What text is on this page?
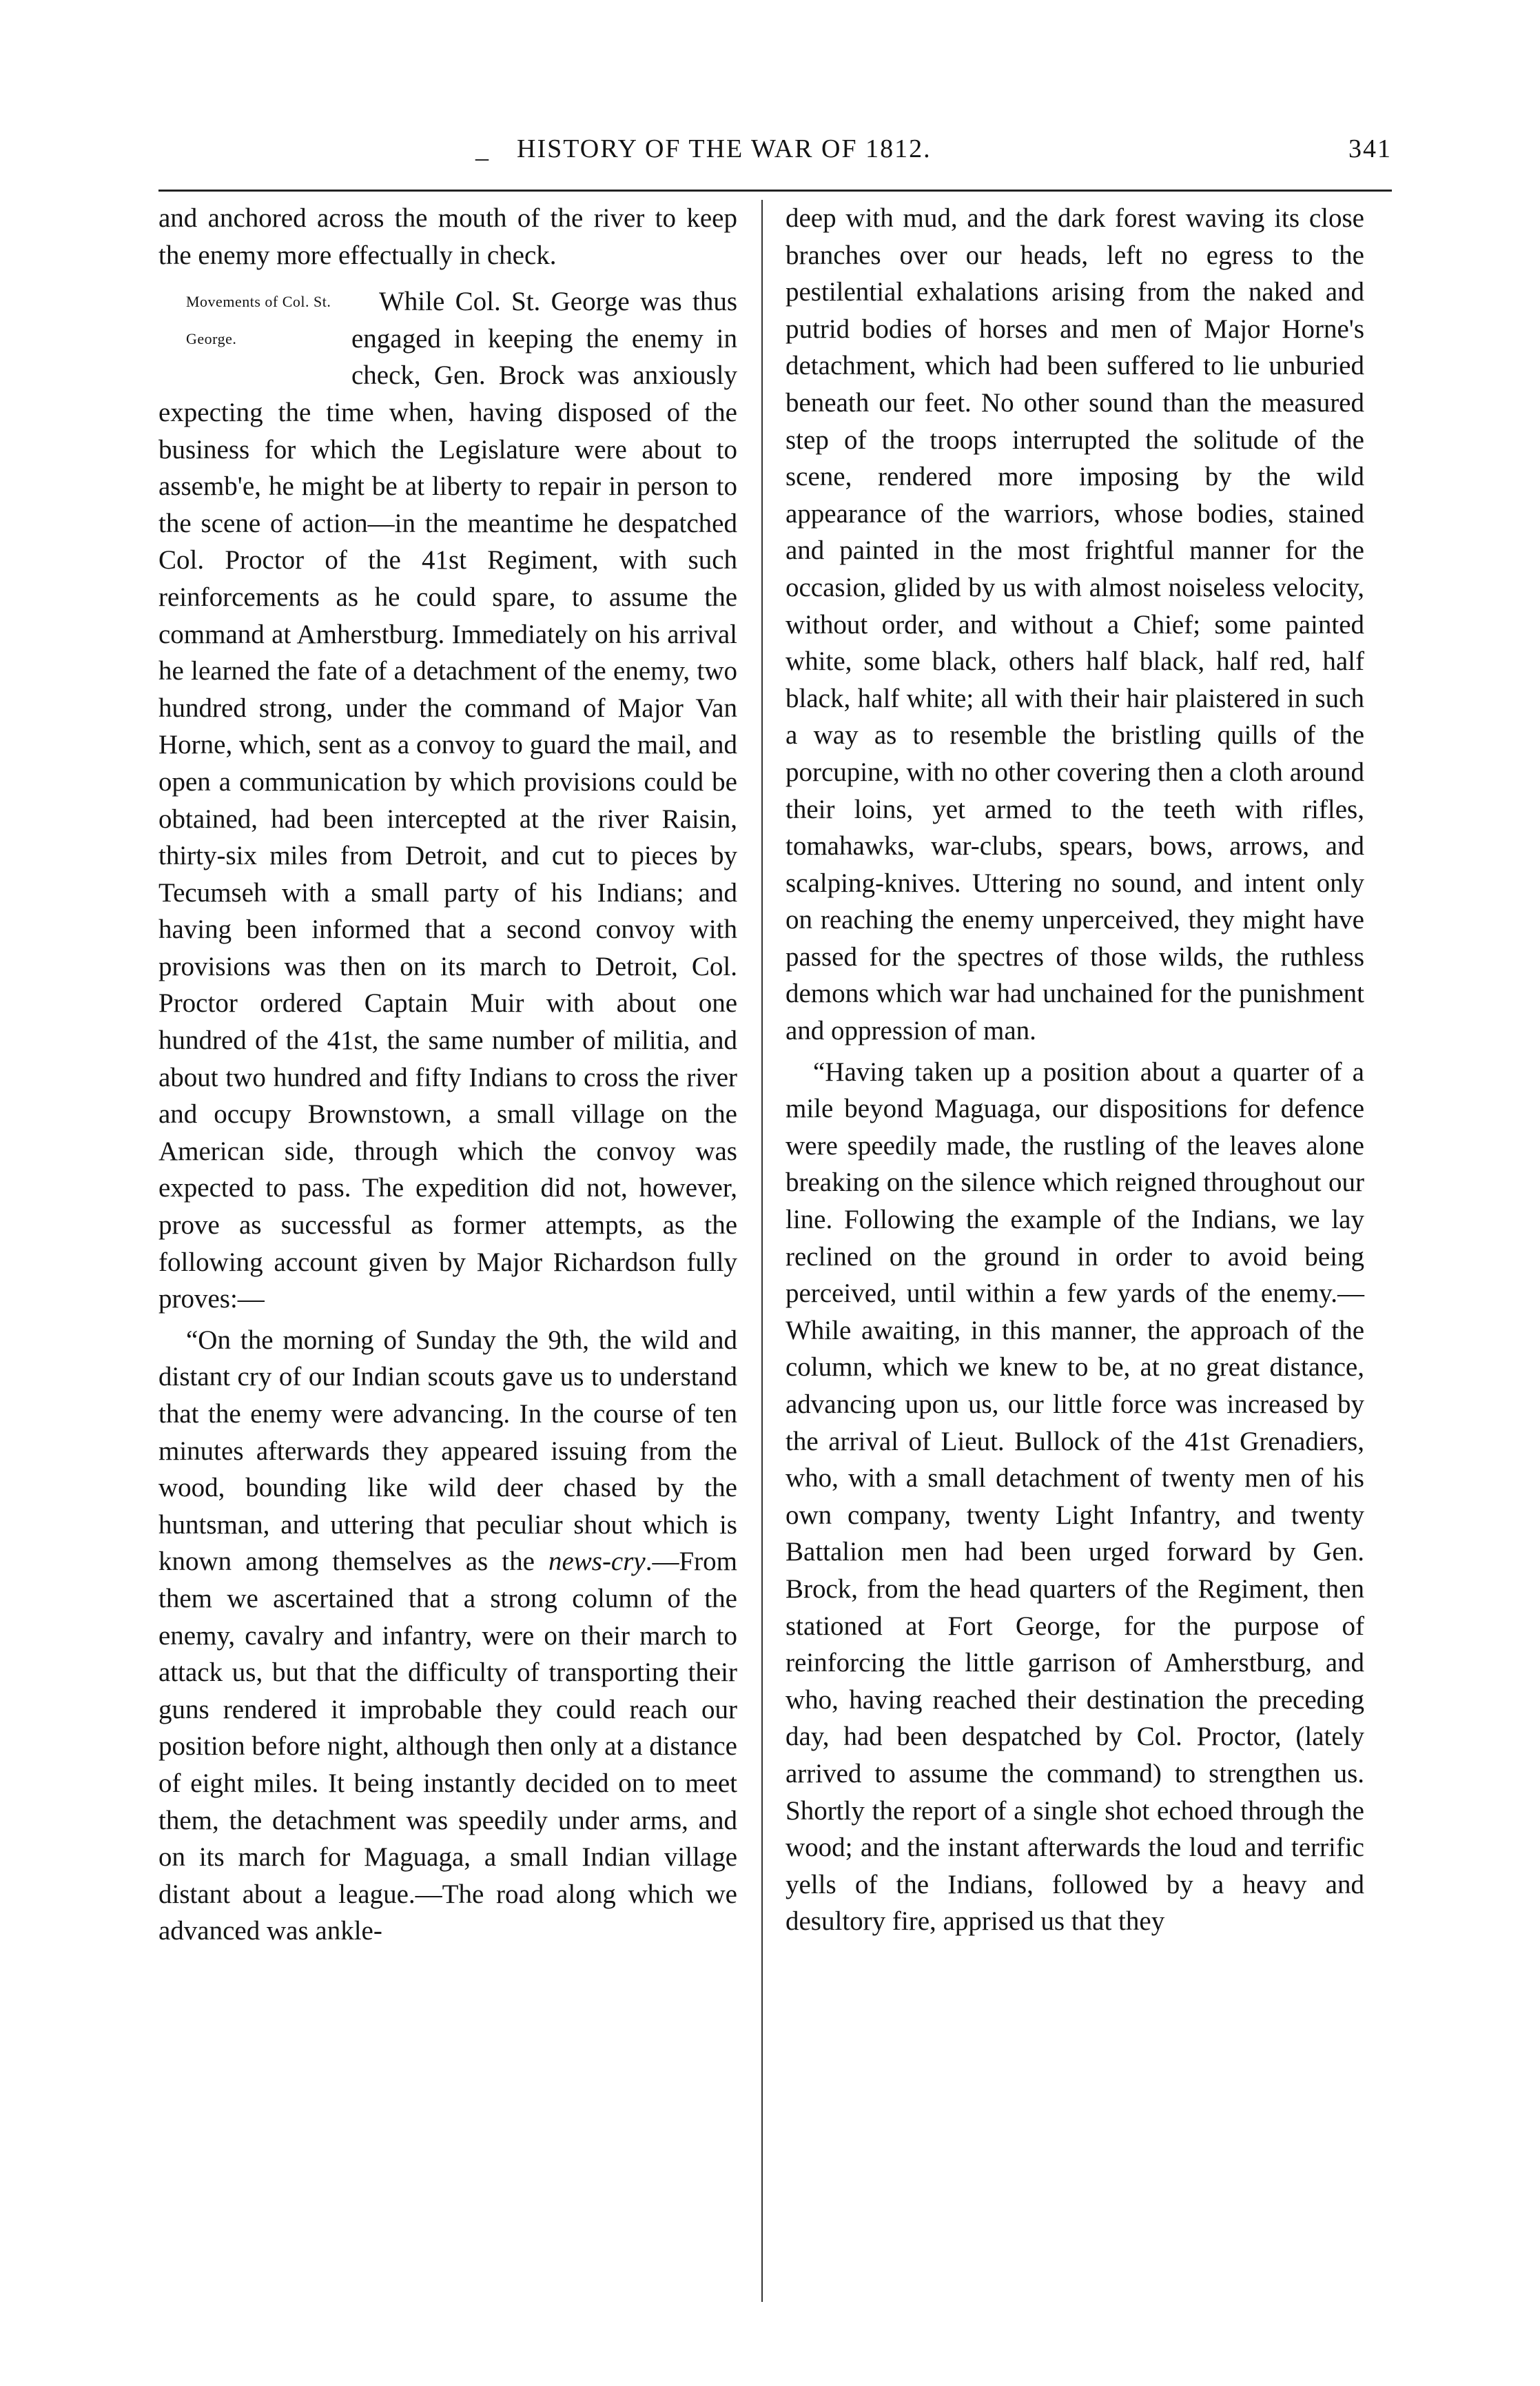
_ HISTORY OF THE WAR OF 1812.	341

and anchored across the mouth of the river to keep the enemy more effectually in check.

Movements of Col. St.
George.
While Col. St. George was thus engaged in keeping the enemy in check, Gen. Brock was anxiously expecting the time when, having disposed of the business for which the Legislature were about to assemb'e, he might be at liberty to repair in person to the scene of action—in the meantime he despatched Col. Proctor of the 41st Regiment, with such reinforcements as he could spare, to assume the command at Amherstburg. Immediately on his arrival he learned the fate of a detachment of the enemy, two hundred strong, under the command of Major Van Horne, which, sent as a convoy to guard the mail, and open a communication by which provisions could be obtained, had been intercepted at the river Raisin, thirty-six miles from Detroit, and cut to pieces by Tecumseh with a small party of his Indians; and having been informed that a second convoy with provisions was then on its march to Detroit, Col. Proctor ordered Captain Muir with about one hundred of the 41st, the same number of militia, and about two hundred and fifty Indians to cross the river and occupy Brownstown, a small village on the American side, through which the convoy was expected to pass. The expedition did not, however, prove as successful as former attempts, as the following account given by Major Richardson fully proves:—

“On the morning of Sunday the 9th, the wild and distant cry of our Indian scouts gave us to understand that the enemy were advancing. In the course of ten minutes afterwards they appeared issuing from the wood, bounding like wild deer chased by the huntsman, and uttering that peculiar shout which is known among themselves as the news-cry.—From them we ascertained that a strong column of the enemy, cavalry and infantry, were on their march to attack us, but that the difficulty of transporting their guns rendered it improbable they could reach our position before night, although then only at a distance of eight miles. It being instantly decided on to meet them, the detachment was speedily under arms, and on its march for Maguaga, a small Indian village distant about a league.—The road along which we advanced was ankle-

deep with mud, and the dark forest waving its close branches over our heads, left no egress to the pestilential exhalations arising from the naked and putrid bodies of horses and men of Major Horne's detachment, which had been suffered to lie unburied beneath our feet. No other sound than the measured step of the troops interrupted the solitude of the scene, rendered more imposing by the wild appearance of the warriors, whose bodies, stained and painted in the most frightful manner for the occasion, glided by us with almost noiseless velocity, without order, and without a Chief; some painted white, some black, others half black, half red, half black, half white; all with their hair plaistered in such a way as to resemble the bristling quills of the porcupine, with no other covering then a cloth around their loins, yet armed to the teeth with rifles, tomahawks, war-clubs, spears, bows, arrows, and scalping-knives. Uttering no sound, and intent only on reaching the enemy unperceived, they might have passed for the spectres of those wilds, the ruthless demons which war had unchained for the punishment and oppression of man.

“Having taken up a position about a quarter of a mile beyond Maguaga, our dispositions for defence were speedily made, the rustling of the leaves alone breaking on the silence which reigned throughout our line. Following the example of the Indians, we lay reclined on the ground in order to avoid being perceived, until within a few yards of the enemy.—While awaiting, in this manner, the approach of the column, which we knew to be, at no great distance, advancing upon us, our little force was increased by the arrival of Lieut. Bullock of the 41st Grenadiers, who, with a small detachment of twenty men of his own company, twenty Light Infantry, and twenty Battalion men had been urged forward by Gen. Brock, from the head quarters of the Regiment, then stationed at Fort George, for the purpose of reinforcing the little garrison of Amherstburg, and who, having reached their destination the preceding day, had been despatched by Col. Proctor, (lately arrived to assume the command) to strengthen us. Shortly the report of a single shot echoed through the wood; and the instant afterwards the loud and terrific yells of the Indians, followed by a heavy and desultory fire, apprised us that they
